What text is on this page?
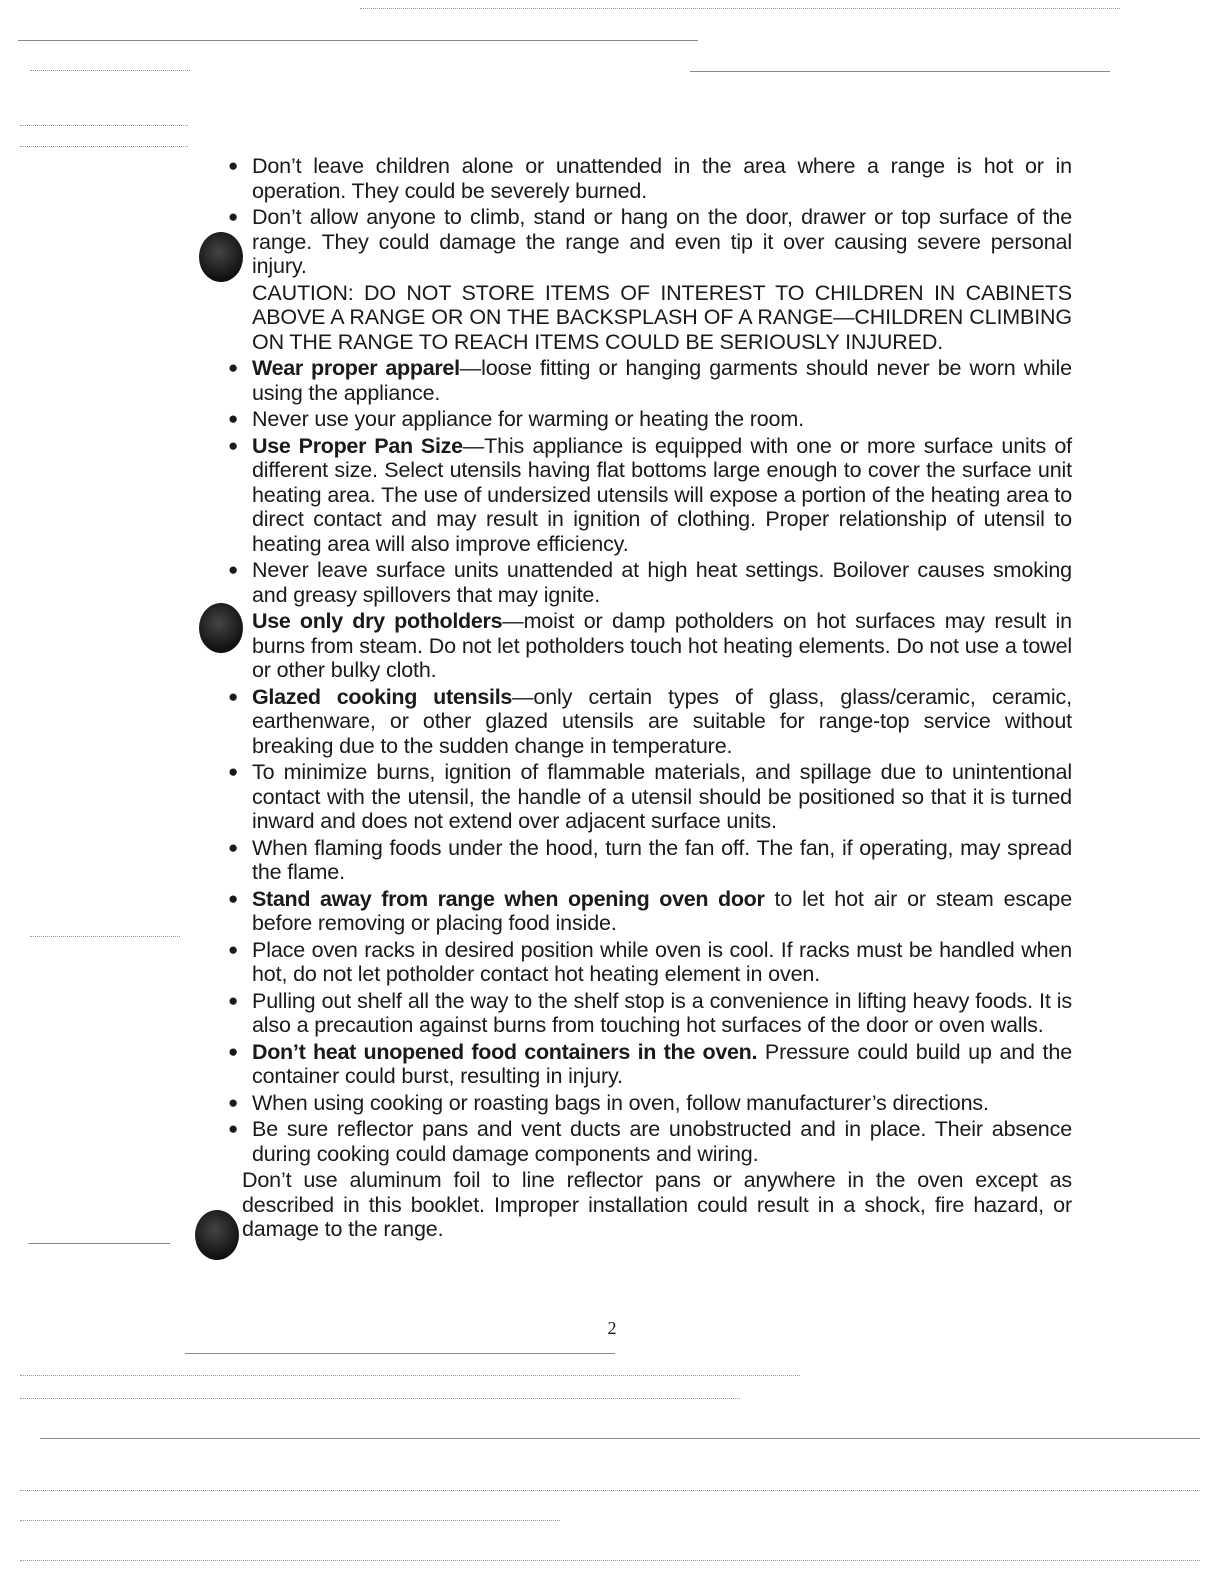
● Don’t leave children alone or unattended in the area where a range is hot or in operation. They could be severely burned.
● Don’t allow anyone to climb, stand or hang on the door, drawer or top surface of the range. They could damage the range and even tip it over causing severe personal injury.
CAUTION: DO NOT STORE ITEMS OF INTEREST TO CHILDREN IN CABINETS ABOVE A RANGE OR ON THE BACKSPLASH OF A RANGE—CHILDREN CLIMBING ON THE RANGE TO REACH ITEMS COULD BE SERIOUSLY INJURED.
● Wear proper apparel—loose fitting or hanging garments should never be worn while using the appliance.
● Never use your appliance for warming or heating the room.
● Use Proper Pan Size—This appliance is equipped with one or more surface units of different size. Select utensils having flat bottoms large enough to cover the surface unit heating area. The use of undersized utensils will expose a portion of the heating area to direct contact and may result in ignition of clothing. Proper relationship of utensil to heating area will also improve efficiency.
● Never leave surface units unattended at high heat settings. Boilover causes smoking and greasy spillovers that may ignite.
Use only dry potholders—moist or damp potholders on hot surfaces may result in burns from steam. Do not let potholders touch hot heating elements. Do not use a towel or other bulky cloth.
● Glazed cooking utensils—only certain types of glass, glass/ceramic, ceramic, earthenware, or other glazed utensils are suitable for range-top service without breaking due to the sudden change in temperature.
● To minimize burns, ignition of flammable materials, and spillage due to unintentional contact with the utensil, the handle of a utensil should be positioned so that it is turned inward and does not extend over adjacent surface units.
● When flaming foods under the hood, turn the fan off. The fan, if operating, may spread the flame.
● Stand away from range when opening oven door to let hot air or steam escape before removing or placing food inside.
● Place oven racks in desired position while oven is cool. If racks must be handled when hot, do not let potholder contact hot heating element in oven.
● Pulling out shelf all the way to the shelf stop is a convenience in lifting heavy foods. It is also a precaution against burns from touching hot surfaces of the door or oven walls.
● Don’t heat unopened food containers in the oven. Pressure could build up and the container could burst, resulting in injury.
● When using cooking or roasting bags in oven, follow manufacturer’s directions.
● Be sure reflector pans and vent ducts are unobstructed and in place. Their absence during cooking could damage components and wiring.
Don’t use aluminum foil to line reflector pans or anywhere in the oven except as described in this booklet. Improper installation could result in a shock, fire hazard, or damage to the range.
2
